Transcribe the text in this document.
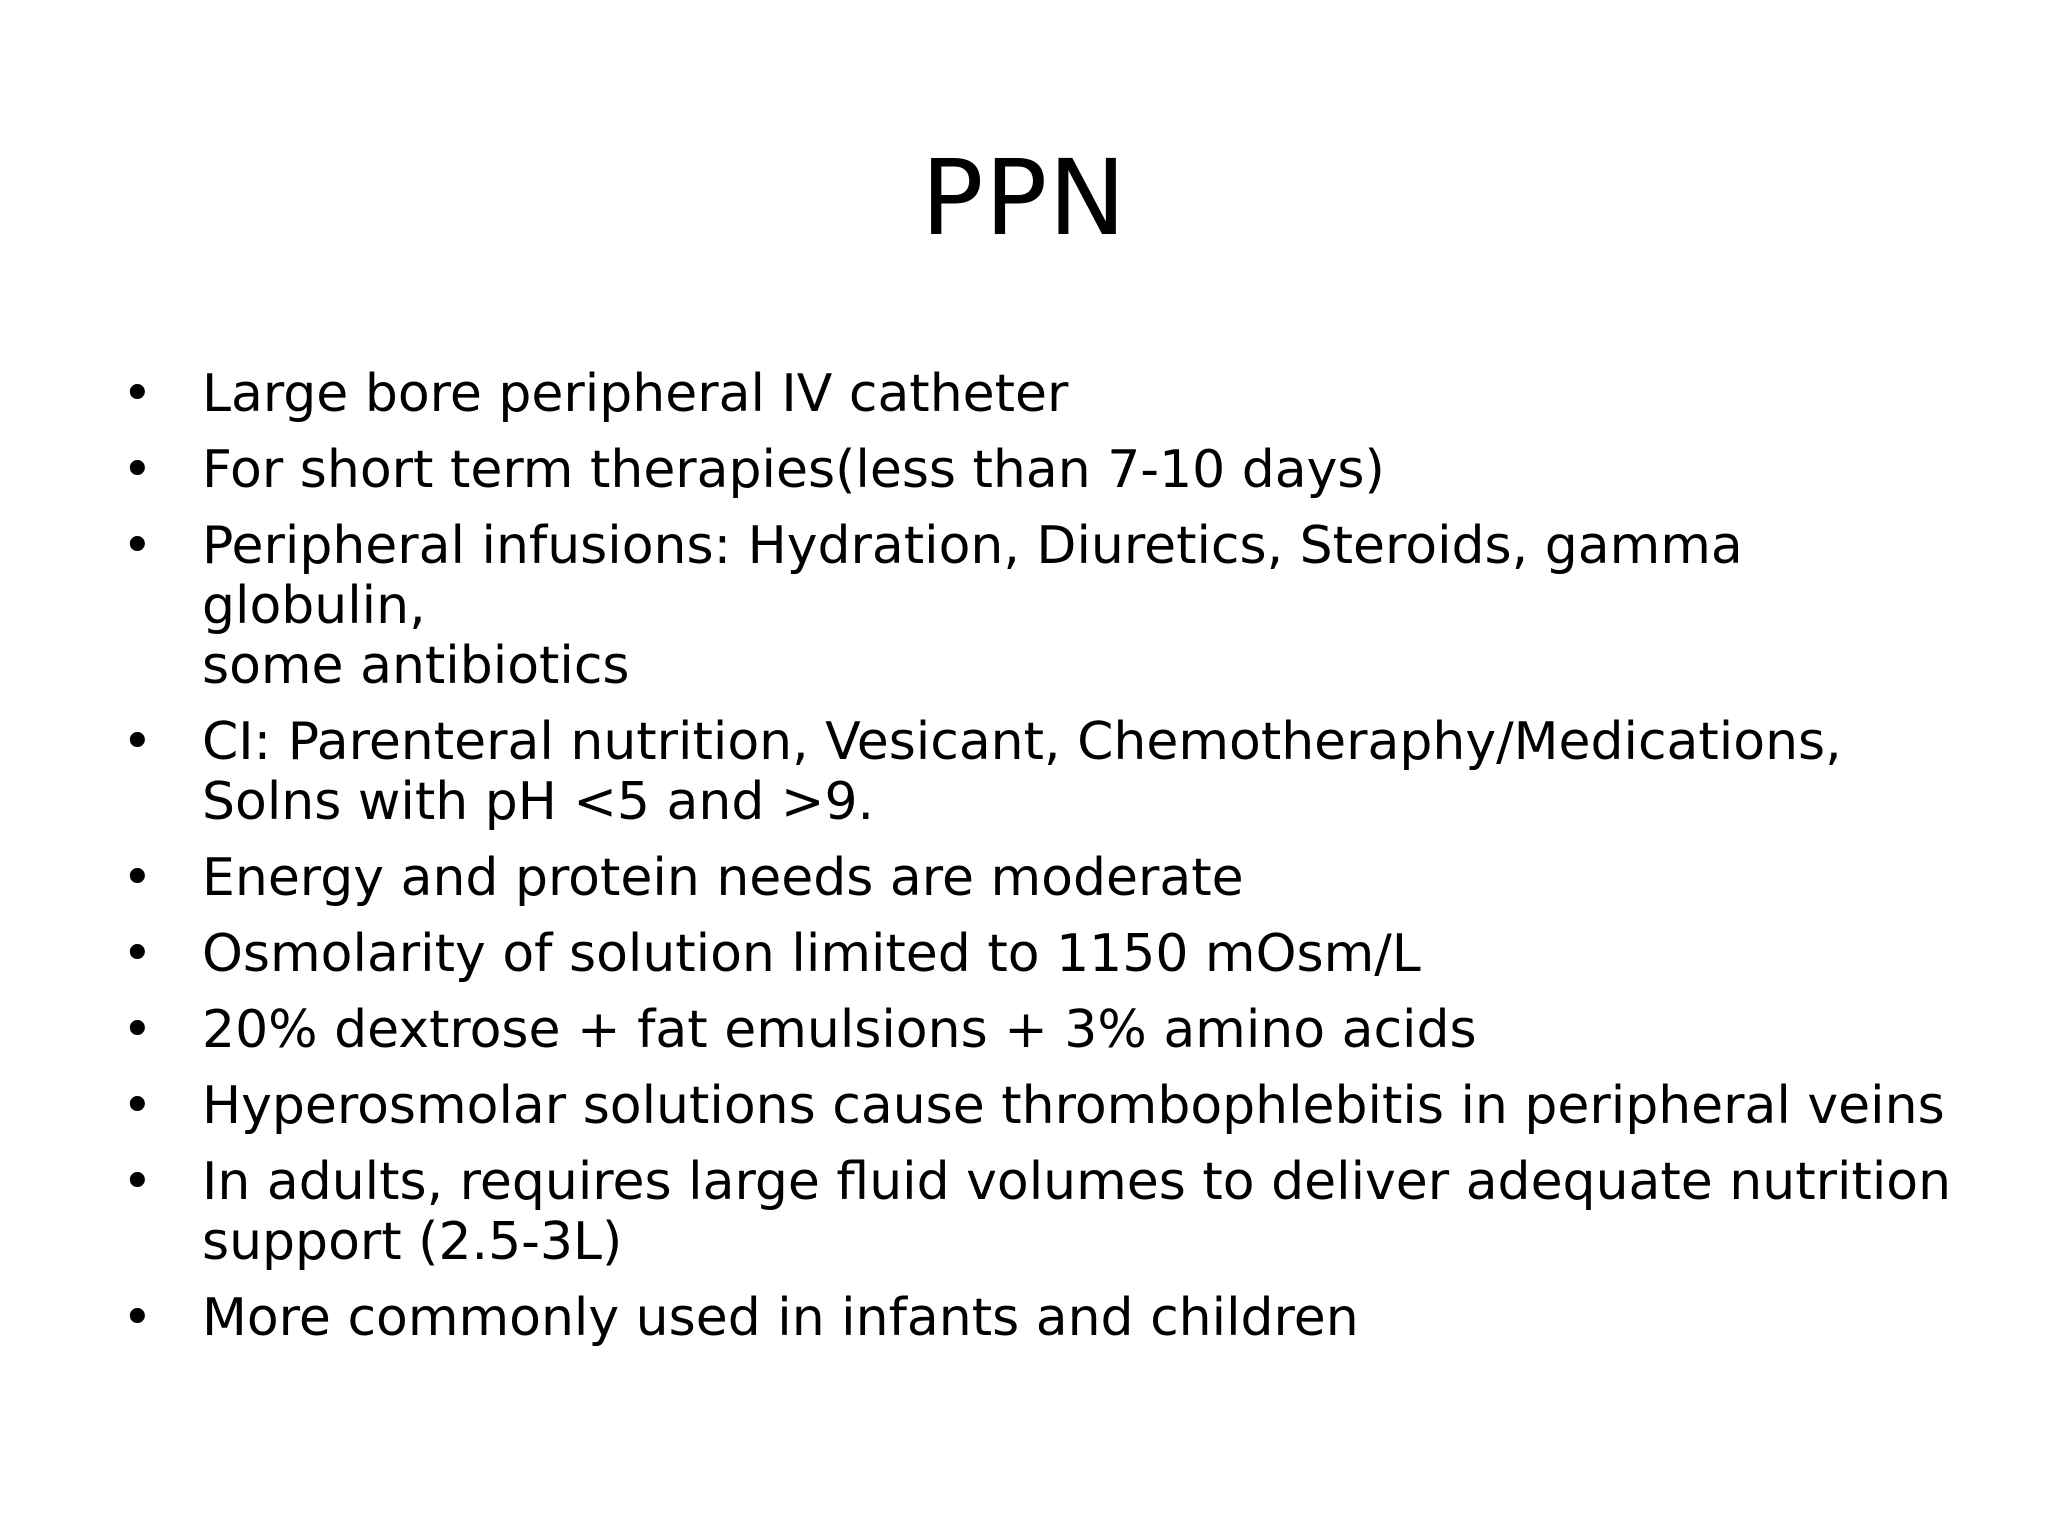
PPN
• Large bore peripheral IV catheter
• For short term therapies(less than 7-10 days)
• Peripheral infusions: Hydration, Diuretics, Steroids, gamma globulin,
some antibiotics
• CI: Parenteral nutrition, Vesicant, Chemotheraphy/Medications,
Solns with pH <5 and >9.
• Energy and protein needs are moderate
• Osmolarity of solution limited to 1150 mOsm/L
• 20% dextrose + fat emulsions + 3% amino acids
• Hyperosmolar solutions cause thrombophlebitis in peripheral veins
• In adults, requires large fluid volumes to deliver adequate nutrition
support (2.5-3L)
• More commonly used in infants and children
